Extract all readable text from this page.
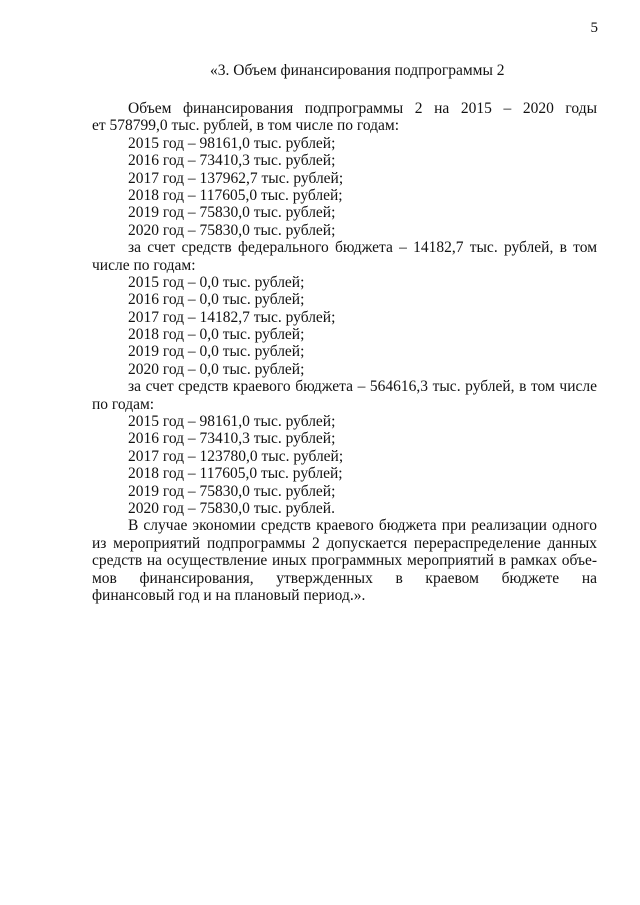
5
«3. Объем финансирования подпрограммы 2
Объем финансирования подпрограммы 2 на 2015 – 2020 годы
ет 578799,0 тыс. рублей, в том числе по годам:
2015 год – 98161,0 тыс. рублей;
2016 год – 73410,3 тыс. рублей;
2017 год – 137962,7 тыс. рублей;
2018 год – 117605,0 тыс. рублей;
2019 год – 75830,0 тыс. рублей;
2020 год – 75830,0 тыс. рублей;
за счет средств федерального бюджета – 14182,7 тыс. рублей, в том
числе по годам:
2015 год – 0,0 тыс. рублей;
2016 год – 0,0 тыс. рублей;
2017 год – 14182,7 тыс. рублей;
2018 год – 0,0 тыс. рублей;
2019 год – 0,0 тыс. рублей;
2020 год – 0,0 тыс. рублей;
за счет средств краевого бюджета – 564616,3 тыс. рублей, в том числе
по годам:
2015 год – 98161,0 тыс. рублей;
2016 год – 73410,3 тыс. рублей;
2017 год – 123780,0 тыс. рублей;
2018 год – 117605,0 тыс. рублей;
2019 год – 75830,0 тыс. рублей;
2020 год – 75830,0 тыс. рублей.
В случае экономии средств краевого бюджета при реализации одного
из мероприятий подпрограммы 2 допускается перераспределение данных
средств на осуществление иных программных мероприятий в рамках объе-
мов финансирования, утвержденных в краевом бюджете на
финансовый год и на плановый период.».
